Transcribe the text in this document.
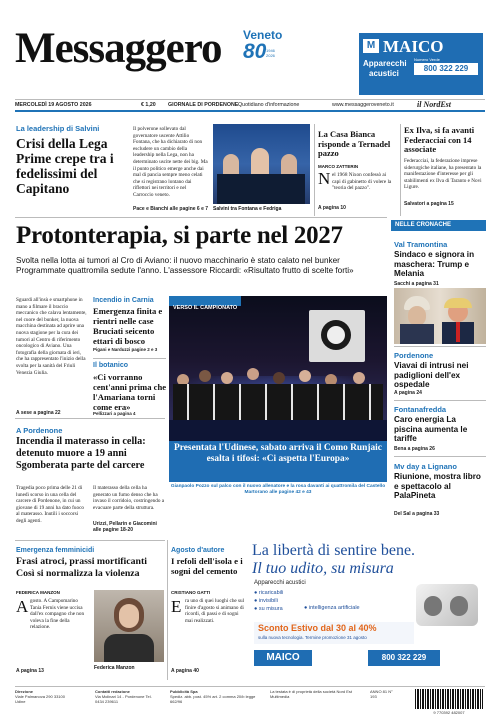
Messaggero Veneto
80 1946
2026
M MAICO
Apparecchi
acustici
Numero Verde
800 322 229
MERCOLEDÌ 19 AGOSTO 2026	€ 1,20 GIORNALE DI PORDENONE Quotidiano d'informazione	www.messaggeroveneto.it	il NordEst
La leadership di Salvini
Crisi della Lega Prime crepe tra i fedelissimi del Capitano
Il polverone sollevato dal governatore uscente Attilio Fontana, che ha dichiarato di non escludere un cambio della leadership nella Lega, non ha determinato uscite nette dei big. Ma il punto politico emerge anche dai mal di pancia sempre meno celati che si registrano lontano dai riflettori nei territori e nel Carroccio veneto.
Pace e Bianchi alle pagine 6 e 7 Salvini tra Fontana e Fedriga
La Casa Bianca risponde a Ternadel pazzo
MARCO ZATTERIN
N el 1968 Nixon confessò ai capi di gabinetto di volere la "teoria del pazzo".
A pagina 10
Ex Ilva, si fa avanti Federacciai con 14 associate
Federacciai, la federazione imprese siderurgiche italiane, ha presentato la manifestazione d'interesse per gli stabilimenti ex Ilva di Taranto e Novi Ligure.
Salvatori a pagina 15
NELLE CRONACHE
Protonterapia, si parte nel 2027
Svolta nella lotta ai tumori al Cro di Aviano: il nuovo macchinario è stato calato nel bunker Programmate quattromila sedute l'anno. L'assessore Riccardi: «Risultato frutto di scelte forti»
Sguardi all'insù e smartphone in mano a filmare il braccio meccanico che calava lentamente, nel cuore del bunker, la nuova macchina destinata ad aprire una nuova stagione per la cura dei tumori al Centro di riferimento oncologico di Aviano. Una fotografia della giornata di ieri, che ha rappresentato l'inizio della svolta per la sanità del Friuli Venezia Giulia.
A sese a pagina 22
Incendio in Carnia
Emergenza finita e rientri nelle case Bruciati seicento ettari di bosco
Pigani e Narduzzi pagine 2 e 3
Il botanico
«Ci vorranno cent'anni prima che l'Amariana torni come era»
Pellizzari a pagina 4
VERSO IL CAMPIONATO
Presentata l'Udinese, sabato arriva il Como Runjaic esalta i tifosi: «Ci aspetta l'Europa»
Gianpaolo Pozzo sul palco con il nuovo allenatore e la rosa davanti ai quattromila del Castello
Martorano alle pagine 42 e 43
Val Tramontina
Sindaco e signora in maschera: Trump e Melania
Sacchi a pagina 31
Pordenone
Viavai di intrusi nei padiglioni dell'ex ospedale
A pagina 24
Fontanafredda
Caro energia La piscina aumenta le tariffe
Bena a pagina 26
Mv day a Lignano
Riunione, mostra libro e spettacolo al PalaPineta
Del Sal a pagina 33
A Pordenone
Incendia il materasso in cella: detenuto muore a 19 anni Sgomberata parte del carcere
Tragedia poco prima delle 21 di lunedì scorso in una cella del carcere di Pordenone, in cui un giovane di 19 anni ha dato fuoco al materasso. Inutili i soccorsi degli agenti.
Il materasso della cella ha generato un fumo denso che ha invaso il corridoio, costringendo a evacuare parte della struttura.
Urizzi, Pellarin e Giacomini alle pagine 18-20
Emergenza femminicidi
Frasi atroci, prassi mortificanti Così si normalizza la violenza
FEDERICA MANZON
A gosto. A Campomarino Tania Fernis viene uccisa dall'ex compagno che non voleva la fine della relazione.
A pagina 13	Federica Manzon
Agosto d'autore
I refoli dell'isola e i sogni del cemento
CRISTIANO GATTI
E ra uno di quei luoghi che sul finire d'agosto si animano di ricordi, di passi e di sogni mai realizzati.
A pagina 40
La libertà di sentire bene.
Il tuo udito, su misura
Apparecchi acustici
● ricaricabili
● invisibili
● su misura	● intelligenza artificiale
Sconto Estivo dal 30 al 40%
sulla nuova tecnologia. Termine promozione 31 agosto
MAICO	800 322 229
Direzione
Viale Palmanova 290 33100 Udine
Contatti redazione
Via Molinari 14 - Pordenone Tel. 0434 239611
Pubblicità Spa
Spediz. abb. post. 45% art. 2 comma 20/b legge 662/96
La testata è di proprietà della società Nord Est Multimedia
ANNO 81 N° 193
9 770392 482007
